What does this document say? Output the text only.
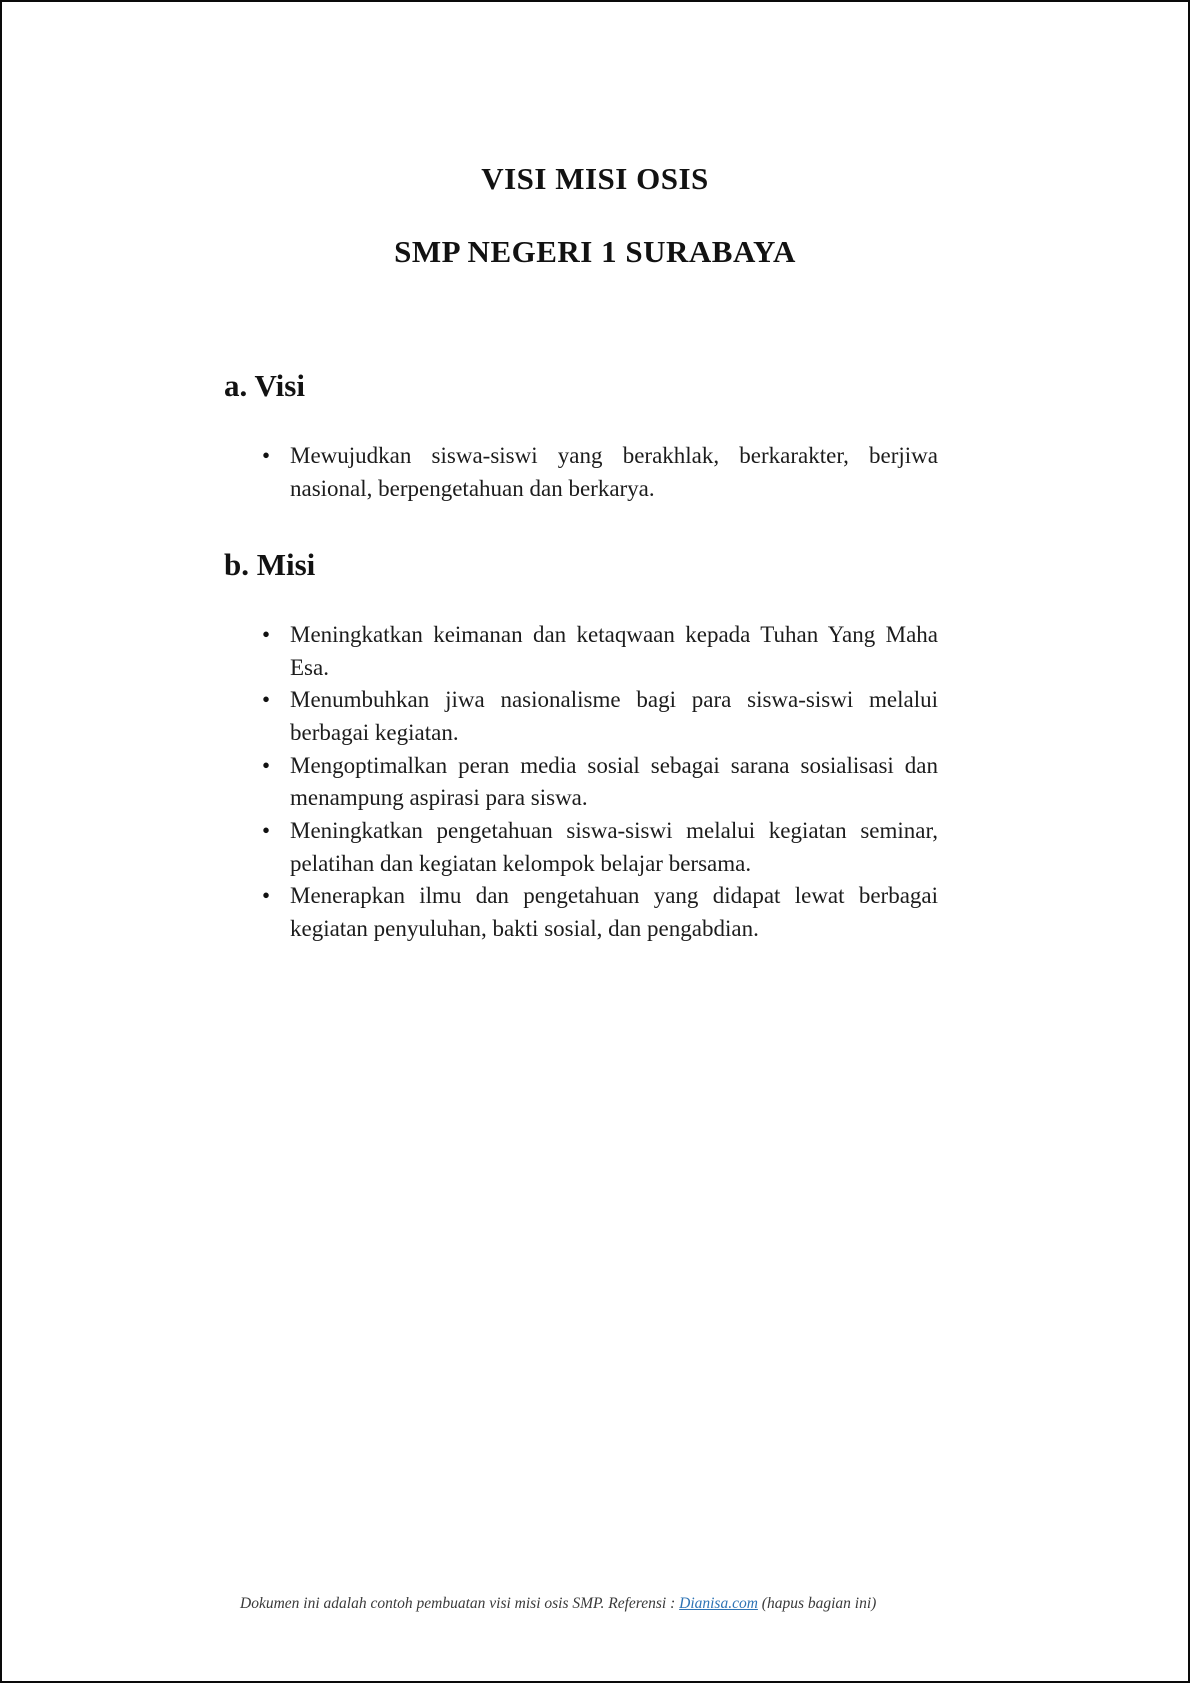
VISI MISI OSIS
SMP NEGERI 1 SURABAYA
a. Visi
• Mewujudkan siswa-siswi yang berakhlak, berkarakter, berjiwa nasional, berpengetahuan dan berkarya.
b. Misi
• Meningkatkan keimanan dan ketaqwaan kepada Tuhan Yang Maha Esa.
• Menumbuhkan jiwa nasionalisme bagi para siswa-siswi melalui berbagai kegiatan.
• Mengoptimalkan peran media sosial sebagai sarana sosialisasi dan menampung aspirasi para siswa.
• Meningkatkan pengetahuan siswa-siswi melalui kegiatan seminar, pelatihan dan kegiatan kelompok belajar bersama.
• Menerapkan ilmu dan pengetahuan yang didapat lewat berbagai kegiatan penyuluhan, bakti sosial, dan pengabdian.
Dokumen ini adalah contoh pembuatan visi misi osis SMP. Referensi : Dianisa.com (hapus bagian ini)
